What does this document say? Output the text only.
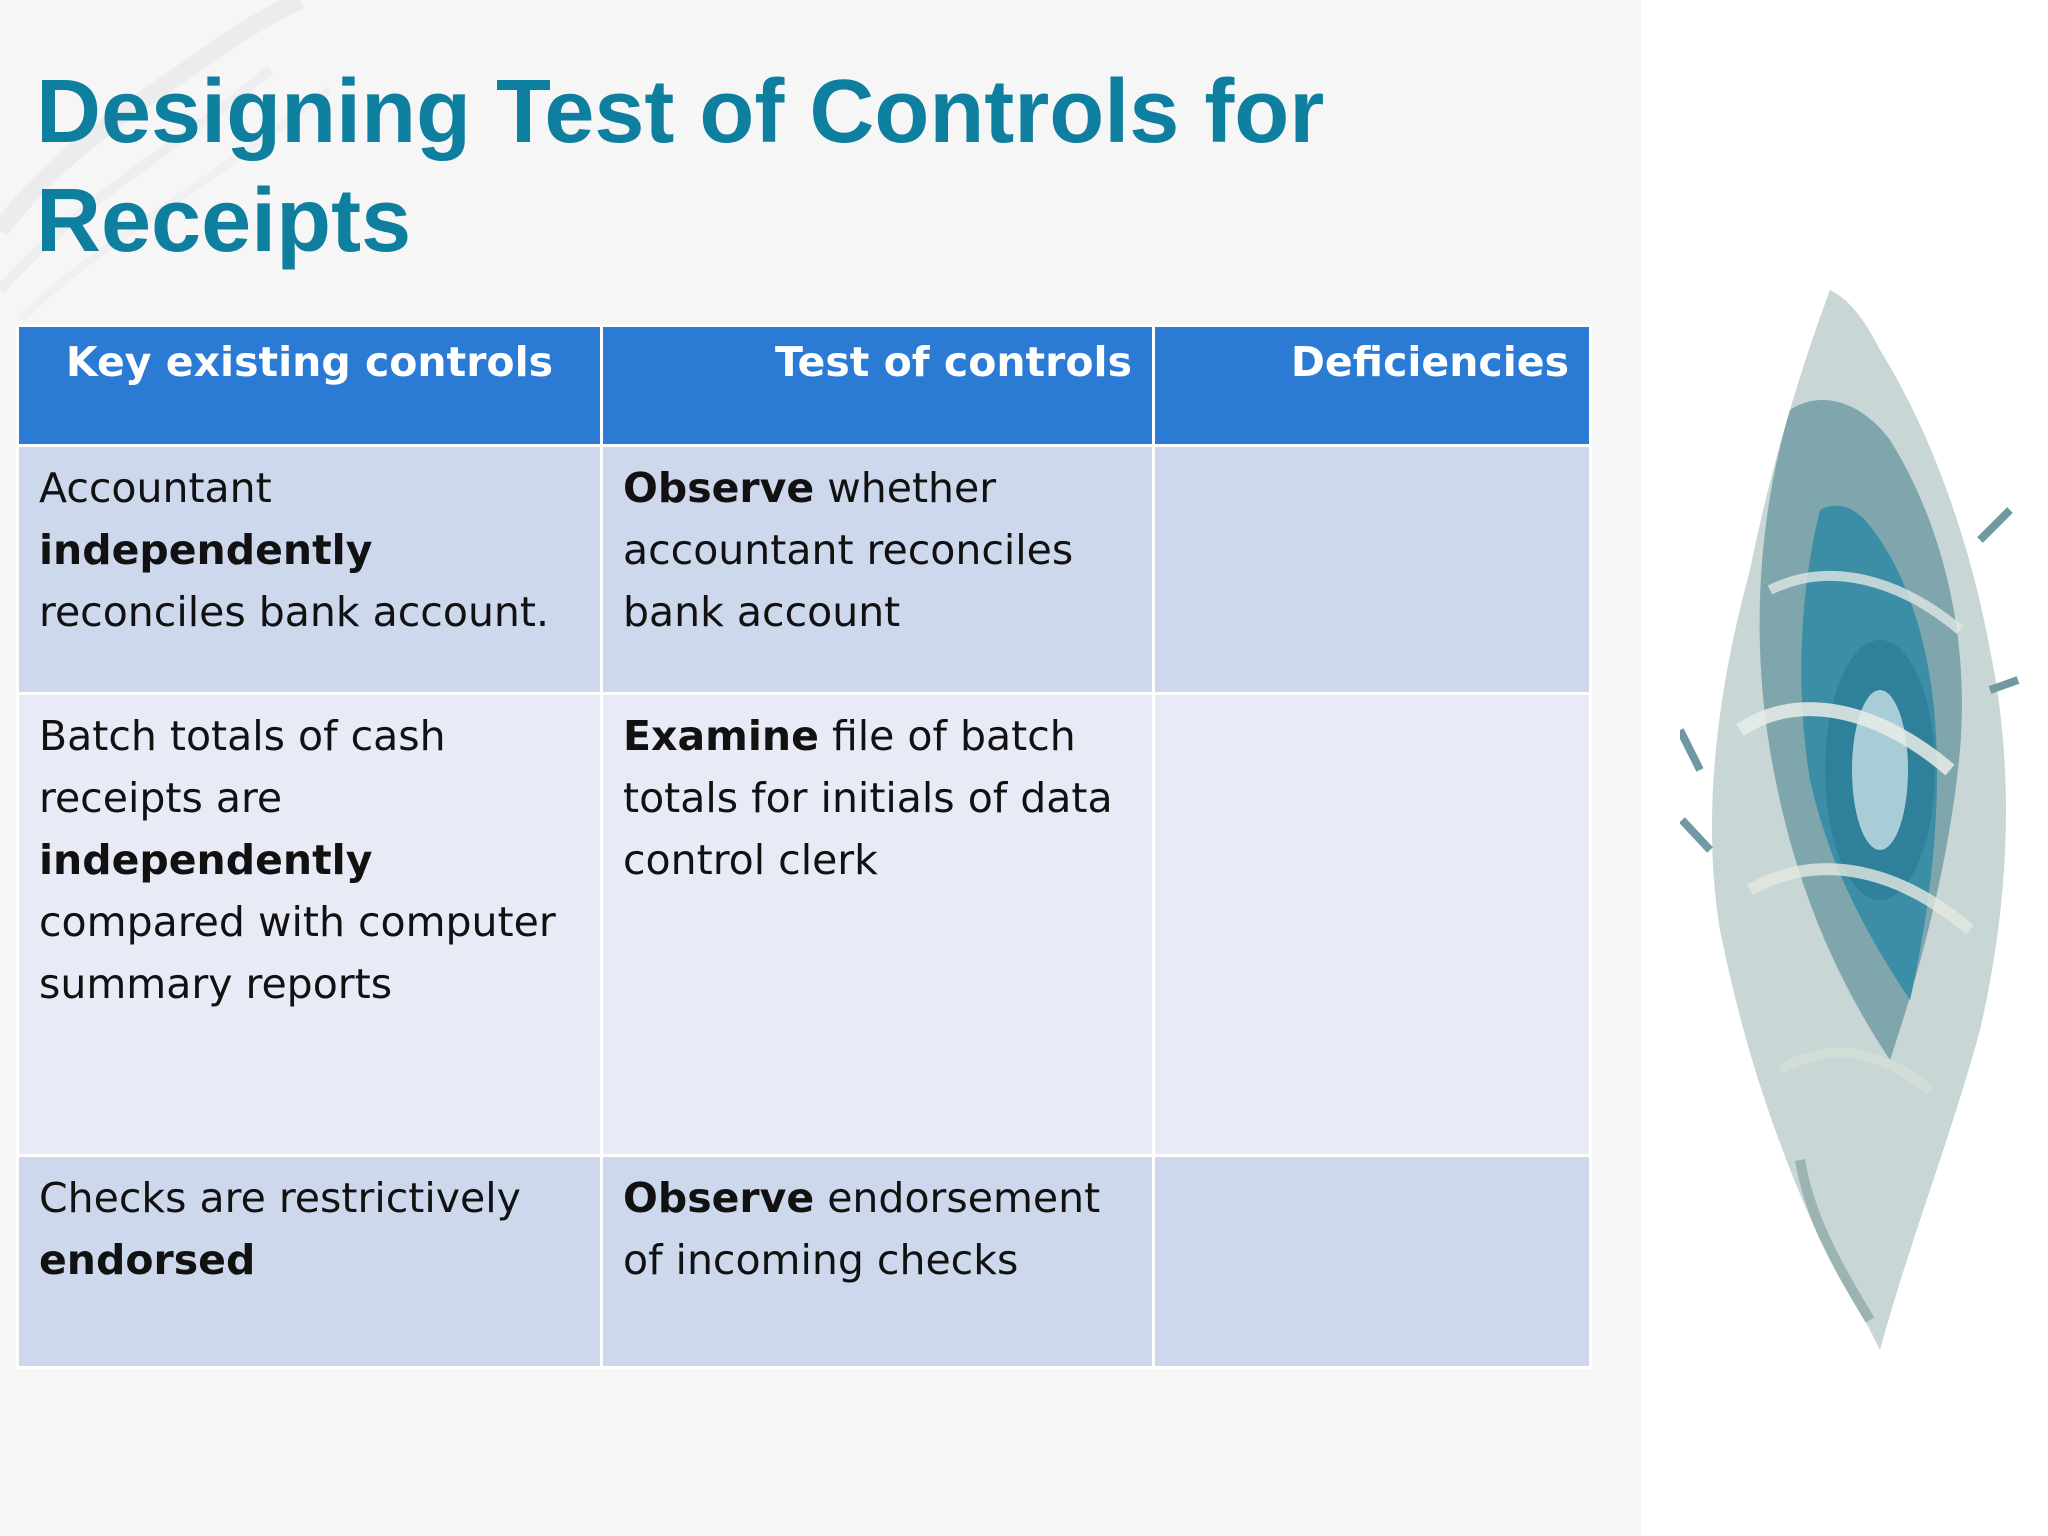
Designing Test of Controls for
Receipts
Key existing controls	Test of controls	Deficiencies
Accountant independently reconciles bank account.	Observe whether accountant reconciles bank account	
Batch totals of cash receipts are independently compared with computer summary reports	Examine file of batch totals for initials of data control clerk	
Checks are restrictively endorsed	Observe endorsement of incoming checks	
